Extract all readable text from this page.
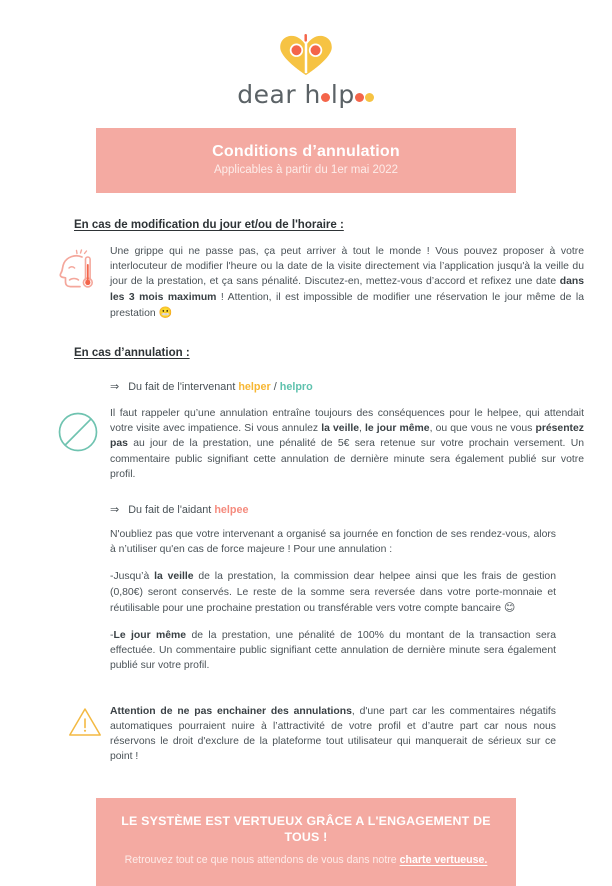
dear h lp
Conditions d’annulation
Applicables à partir du 1er mai 2022
En cas de modification du jour et/ou de l'horaire :

Une grippe qui ne passe pas, ça peut arriver à tout le monde ! Vous pouvez proposer à votre interlocuteur de modifier l'heure ou la date de la visite directement via l’application jusqu'à la veille du jour de la prestation, et ça sans pénalité. Discutez-en, mettez-vous d’accord et refixez une date dans les 3 mois maximum ! Attention, il est impossible de modifier une réservation le jour même de la prestation 😬

En cas d’annulation :
⇒ Du fait de l'intervenant helper / helpro

Il faut rappeler qu’une annulation entraîne toujours des conséquences pour le helpee, qui attendait votre visite avec impatience. Si vous annulez la veille, le jour même, ou que vous ne vous présentez pas au jour de la prestation, une pénalité de 5€ sera retenue sur votre prochain versement. Un commentaire public signifiant cette annulation de dernière minute sera également publié sur votre profil.

⇒ Du fait de l'aidant helpee

N'oubliez pas que votre intervenant a organisé sa journée en fonction de ses rendez-vous, alors à n’utiliser qu'en cas de force majeure ! Pour une annulation :

-Jusqu’à la veille de la prestation, la commission dear helpee ainsi que les frais de gestion (0,80€) seront conservés. Le reste de la somme sera reversée dans votre porte-monnaie et réutilisable pour une prochaine prestation ou transférable vers votre compte bancaire 😊

-Le jour même de la prestation, une pénalité de 100% du montant de la transaction sera effectuée. Un commentaire public signifiant cette annulation de dernière minute sera également publié sur votre profil.

Attention de ne pas enchainer des annulations, d'une part car les commentaires négatifs automatiques pourraient nuire à l’attractivité de votre profil et d’autre part car nous nous réservons le droit d'exclure de la plateforme tout utilisateur qui manquerait de sérieux sur ce point !

LE SYSTÈME EST VERTUEUX GRÂCE A L'ENGAGEMENT DE TOUS !
Retrouvez tout ce que nous attendons de vous dans notre charte vertueuse.
